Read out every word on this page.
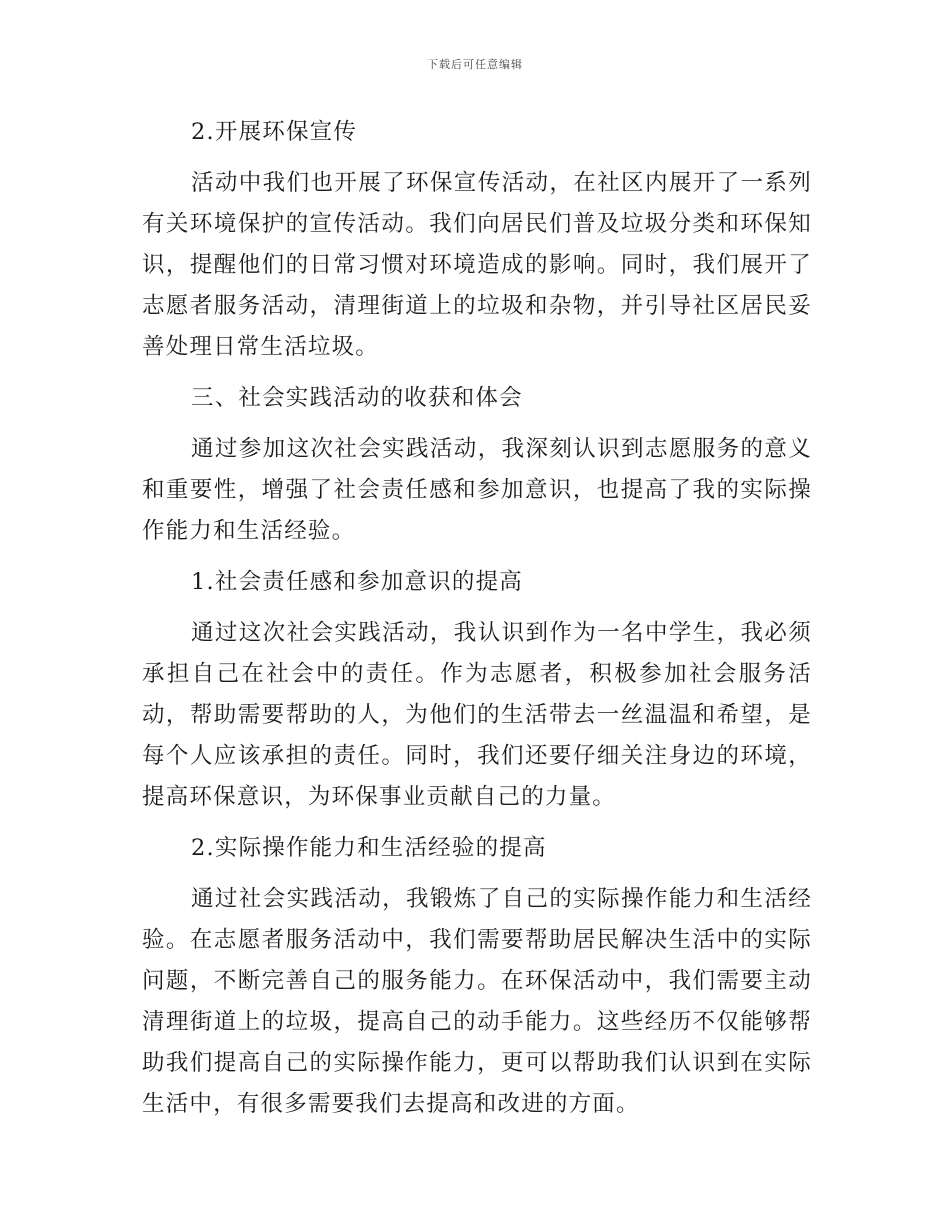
下载后可任意编辑

2.开展环保宣传

活动中我们也开展了环保宣传活动，在社区内展开了一系列有关环境保护的宣传活动。我们向居民们普及垃圾分类和环保知识，提醒他们的日常习惯对环境造成的影响。同时，我们展开了志愿者服务活动，清理街道上的垃圾和杂物，并引导社区居民妥善处理日常生活垃圾。

三、社会实践活动的收获和体会

通过参加这次社会实践活动，我深刻认识到志愿服务的意义和重要性，增强了社会责任感和参加意识，也提高了我的实际操作能力和生活经验。

1.社会责任感和参加意识的提高

通过这次社会实践活动，我认识到作为一名中学生，我必须承担自己在社会中的责任。作为志愿者，积极参加社会服务活动，帮助需要帮助的人，为他们的生活带去一丝温温和希望，是每个人应该承担的责任。同时，我们还要仔细关注身边的环境，提高环保意识，为环保事业贡献自己的力量。

2.实际操作能力和生活经验的提高

通过社会实践活动，我锻炼了自己的实际操作能力和生活经验。在志愿者服务活动中，我们需要帮助居民解决生活中的实际问题，不断完善自己的服务能力。在环保活动中，我们需要主动清理街道上的垃圾，提高自己的动手能力。这些经历不仅能够帮助我们提高自己的实际操作能力，更可以帮助我们认识到在实际生活中，有很多需要我们去提高和改进的方面。
